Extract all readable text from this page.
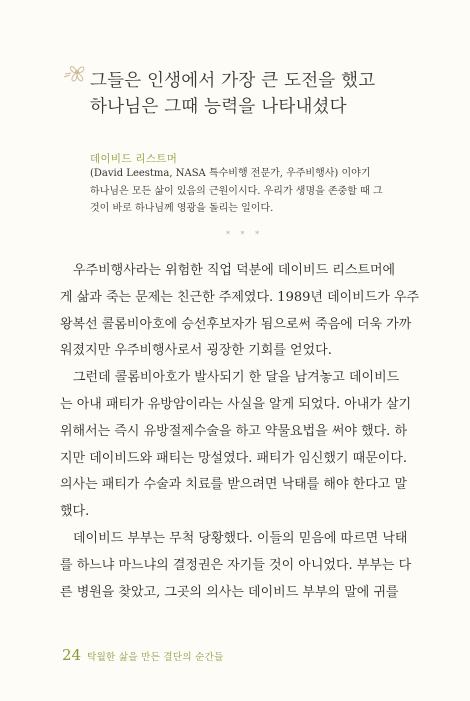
그들은 인생에서 가장 큰 도전을 했고
하나님은 그때 능력을 나타내셨다
데이비드 리스트머
(David Leestma, NASA 특수비행 전문가, 우주비행사) 이야기
하나님은 모든 삶이 있음의 근원이시다. 우리가 생명을 존중할 때 그
것이 바로 하나님께 영광을 돌리는 일이다.
* * *
우주비행사라는 위험한 직업 덕분에 데이비드 리스트머에
게 삶과 죽는 문제는 친근한 주제였다. 1989년 데이비드가 우주
왕복선 콜롬비아호에 승선후보자가 됨으로써 죽음에 더욱 가까
워졌지만 우주비행사로서 굉장한 기회를 얻었다.
그런데 콜롬비아호가 발사되기 한 달을 남겨놓고 데이비드
는 아내 패티가 유방암이라는 사실을 알게 되었다. 아내가 살기
위해서는 즉시 유방절제수술을 하고 약물요법을 써야 했다. 하
지만 데이비드와 패티는 망설였다. 패티가 임신했기 때문이다.
의사는 패티가 수술과 치료를 받으려면 낙태를 해야 한다고 말
했다.
데이비드 부부는 무척 당황했다. 이들의 믿음에 따르면 낙태
를 하느냐 마느냐의 결정권은 자기들 것이 아니었다. 부부는 다
른 병원을 찾았고, 그곳의 의사는 데이비드 부부의 말에 귀를
24 탁월한 삶을 만든 결단의 순간들
